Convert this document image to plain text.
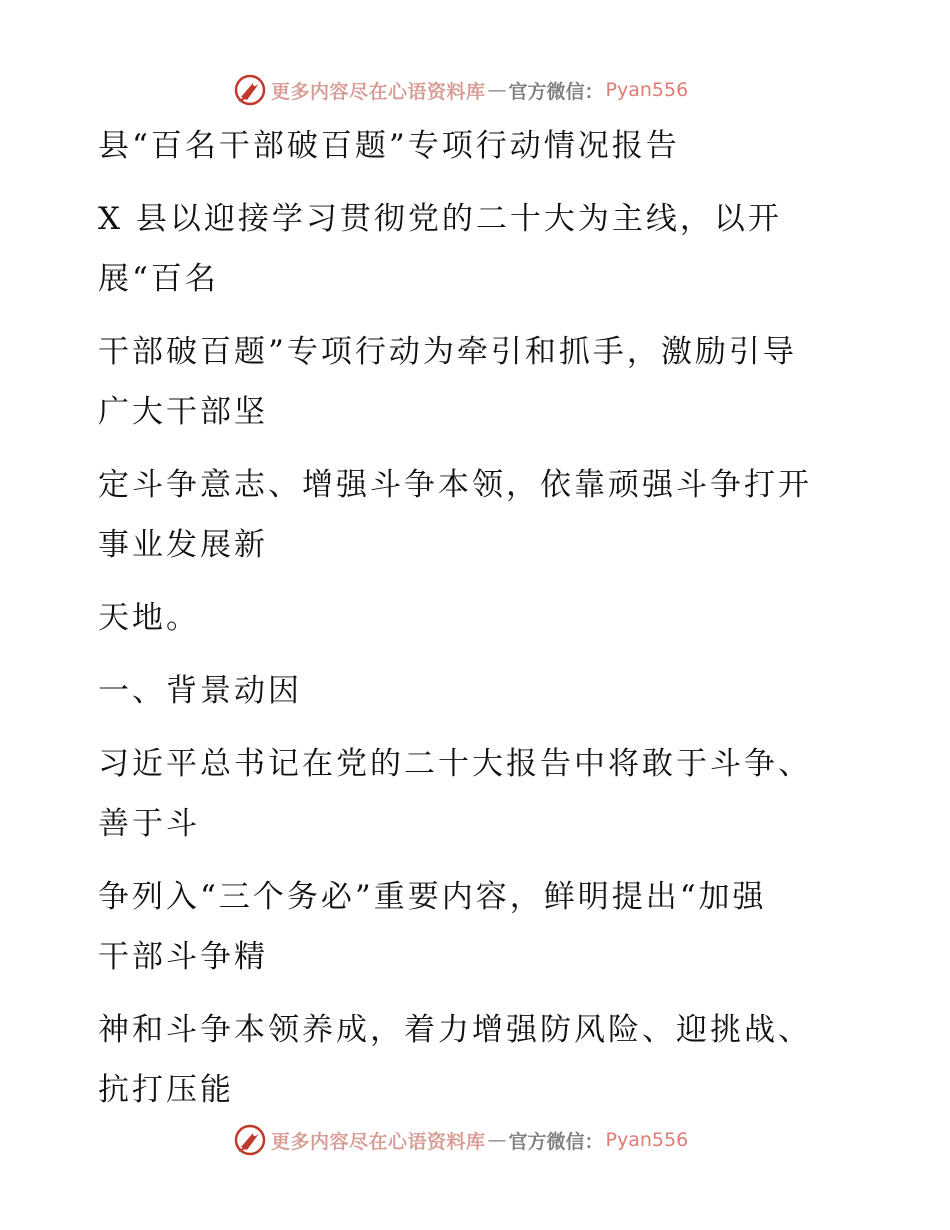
更多内容尽在心语资料库 — 官方微信： Pyan556
县“百名干部破百题”专项行动情况报告
X 县以迎接学习贯彻党的二十大为主线，以开
展“百名
干部破百题”专项行动为牵引和抓手，激励引导
广大干部坚
定斗争意志、增强斗争本领，依靠顽强斗争打开
事业发展新
天地。
一、背景动因
习近平总书记在党的二十大报告中将敢于斗争、
善于斗
争列入“三个务必”重要内容，鲜明提出“加强
干部斗争精
神和斗争本领养成，着力增强防风险、迎挑战、
抗打压能
更多内容尽在心语资料库 — 官方微信： Pyan556
